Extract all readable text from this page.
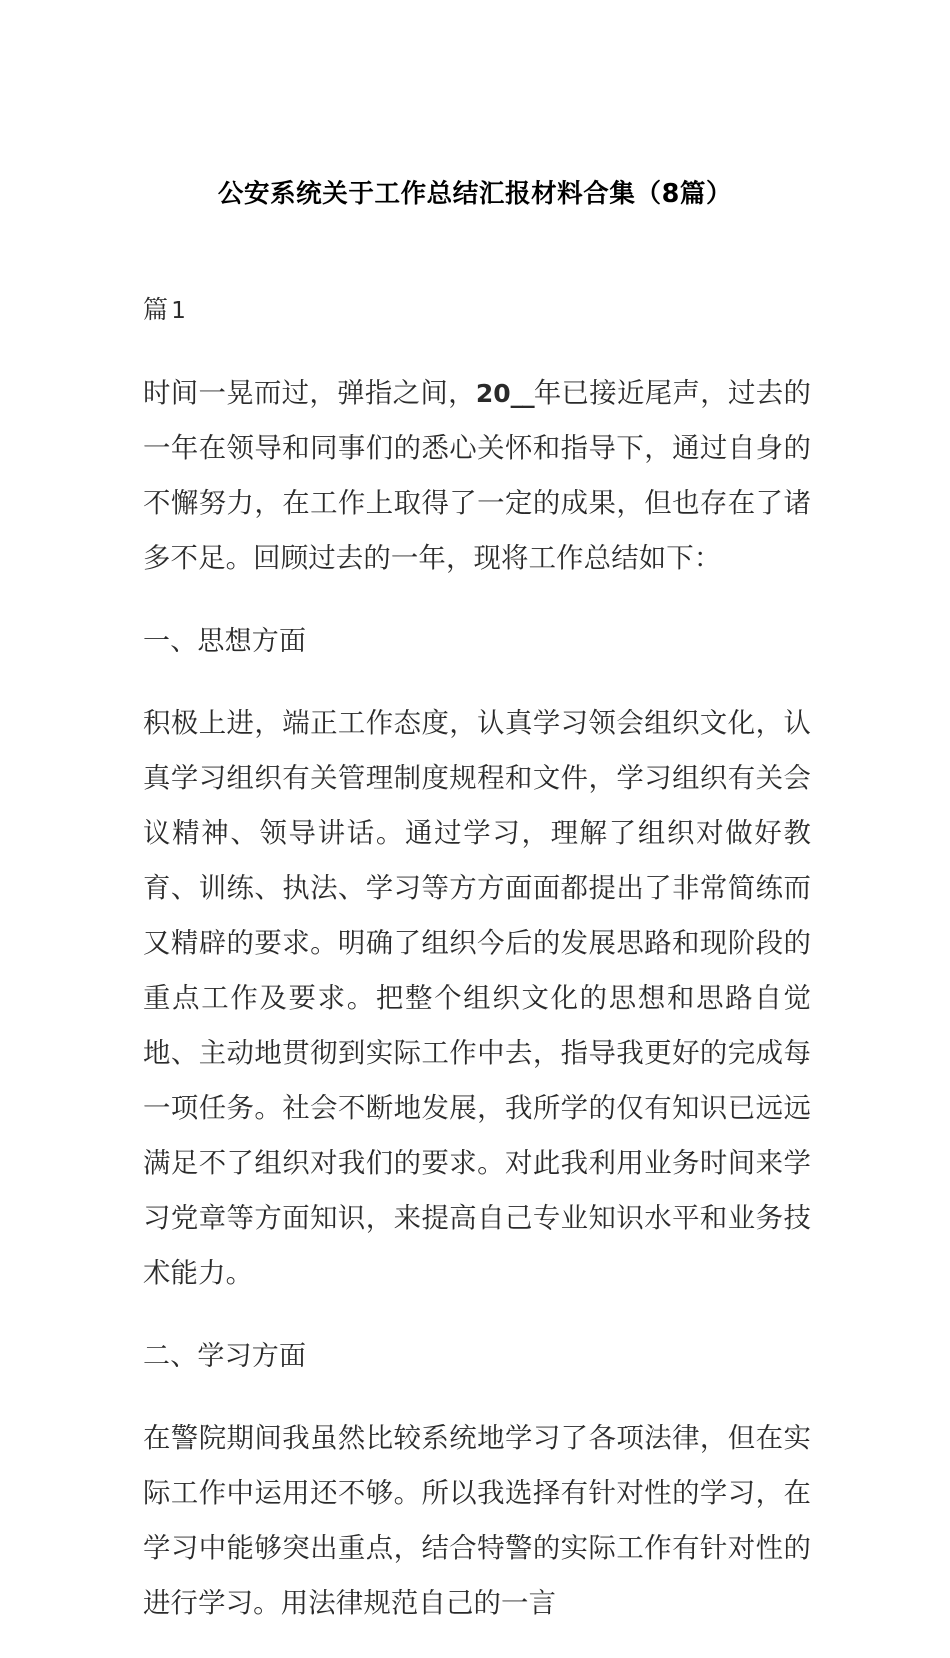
公安系统关于工作总结汇报材料合集（8篇）
篇 1

时间一晃而过，弹指之间，20__年已接近尾声，过去的一年在领导和同事们的悉心关怀和指导下，通过自身的不懈努力，在工作上取得了一定的成果，但也存在了诸多不足。回顾过去的一年，现将工作总结如下：

一、思想方面

积极上进，端正工作态度，认真学习领会组织文化，认真学习组织有关管理制度规程和文件，学习组织有关会议精神、领导讲话。通过学习，理解了组织对做好教育、训练、执法、学习等方方面面都提出了非常简练而又精辟的要求。明确了组织今后的发展思路和现阶段的重点工作及要求。把整个组织文化的思想和思路自觉地、主动地贯彻到实际工作中去，指导我更好的完成每一项任务。社会不断地发展，我所学的仅有知识已远远满足不了组织对我们的要求。对此我利用业务时间来学习党章等方面知识，来提高自己专业知识水平和业务技术能力。

二、学习方面

在警院期间我虽然比较系统地学习了各项法律，但在实际工作中运用还不够。所以我选择有针对性的学习，在学习中能够突出重点，结合特警的实际工作有针对性的进行学习。用法律规范自己的一言
